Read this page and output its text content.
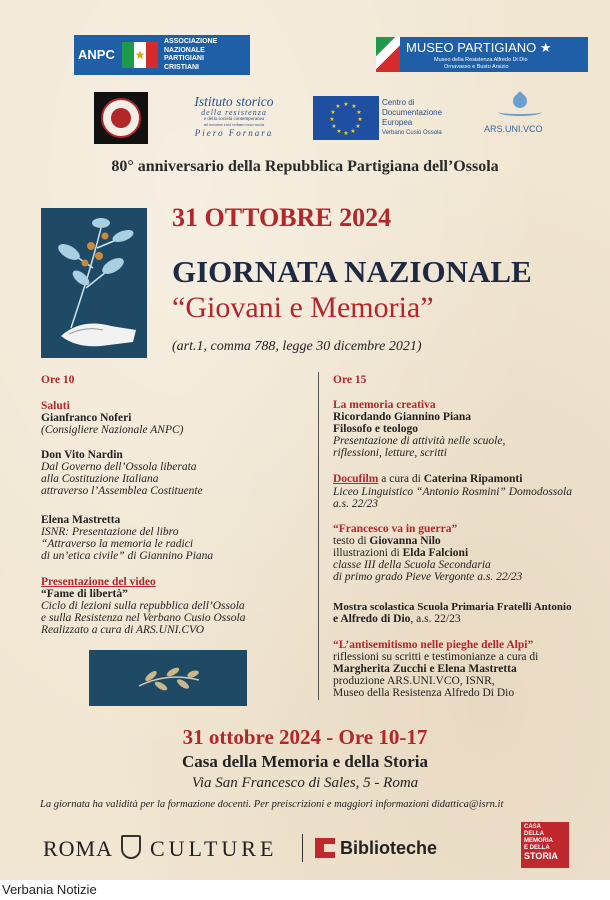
ANPC ★
ASSOCIAZIONE
NAZIONALE
PARTIGIANI
CRISTIANI
MUSEO PARTIGIANO ★
Museo della Resistenza Alfredo Di Dio
Ornavasso e Busto Arsizio
Istituto storico
della resistenza
e della società contemporanea
nel novarese e nel verbano-cusio-ossola
Piero Fornara
★ ★
★
★
★
★
★
★
★
★
★
★	Centro di
Documentazione
Europea
Verbano Cusio Ossola	ARS.UNI.VCO
80° anniversario della Repubblica Partigiana dell’Ossola
31 OTTOBRE 2024
GIORNATA NAZIONALE
“Giovani e Memoria”
(art.1, comma 788, legge 30 dicembre 2021)
Ore 10
Saluti
Gianfranco Noferi
(Consigliere Nazionale ANPC)
Don Vito Nardin
Dal Governo dell’Ossola liberata
alla Costituzione Italiana
attraverso l’Assemblea Costituente
Elena Mastretta
ISNR: Presentazione del libro
“Attraverso la memoria le radici
di un’etica civile” di Giannino Piana
Presentazione del video
“Fame di libertà”
Ciclo di lezioni sulla repubblica dell’Ossola
e sulla Resistenza nel Verbano Cusio Ossola
Realizzato a cura di ARS.UNI.CVO
Ore 15
La memoria creativa
Ricordando Giannino Piana
Filosofo e teologo
Presentazione di attività nelle scuole,
riflessioni, letture, scritti
Docufilm a cura di Caterina Ripamonti
Liceo Linguistico “Antonio Rosmini” Domodossola
a.s. 22/23
“Francesco va in guerra”
testo di Giovanna Nilo
illustrazioni di Elda Falcioni
classe III della Scuola Secondaria
di primo grado Pieve Vergonte a.s. 22/23
Mostra scolastica Scuola Primaria Fratelli Antonio
e Alfredo di Dio, a.s. 22/23
“L’antisemitismo nelle pieghe delle Alpi”
riflessioni su scritti e testimonianze a cura di
Margherita Zucchi e Elena Mastretta
produzione ARS.UNI.VCO, ISNR,
Museo della Resistenza Alfredo Di Dio
31 ottobre 2024 - Ore 10-17
Casa della Memoria e della Storia
Via San Francesco di Sales, 5 - Roma
La giornata ha validità per la formazione docenti. Per preiscrizioni e maggiori informazioni didattica@isrn.it
ROMA CULTURE	Biblioteche
CASA
DELLA
MEMORIA
E DELLA
STORIA
Verbania Notizie
